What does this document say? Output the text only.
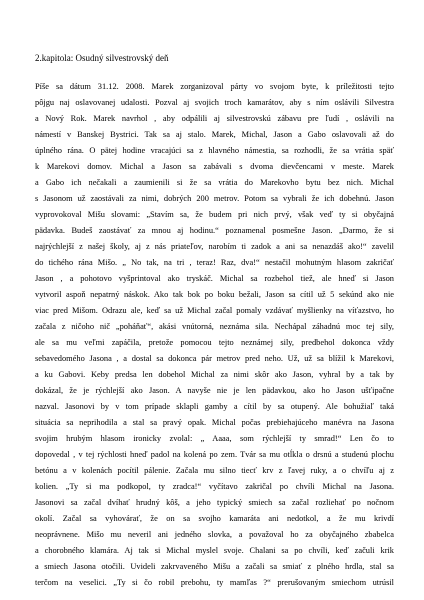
2.kapitola: Osudný silvestrovský deň
Píše sa dátum 31.12. 2008. Marek zorganizoval párty vo svojom byte, k príležitosti tejto
pôjgu naj oslavovanej udalosti. Pozval aj svojich troch kamarátov, aby s ním oslávili Silvestra
a Nový Rok. Marek navrhol , aby odpálili aj silvestrovskú zábavu pre ľudí , oslávili na
námestí v Banskej Bystrici. Tak sa aj stalo. Marek, Michal, Jason a Gabo oslavovali až do
úplného rána. O pätej hodine vracajúci sa z hlavného námestia, sa rozhodli, že sa vrátia späť
k Marekovi domov. Michal a Jason sa zabávali s dvoma dievčencami v meste. Marek
a Gabo ich nečakali a zaumienili si že sa vrátia do Marekovho bytu bez nich. Michal
s Jasonom už zaostávali za nimi, dobrých 200 metrov. Potom sa vybrali že ich dobehnú. Jason
vyprovokoval Mišu slovami: „Stavím sa, že budem pri nich prvý, však veď ty si obyčajná
pädavka. Budeš zaostávať za mnou aj hodinu.“ poznamenal posmešne Jason. „Darmo, že si
najrýchlejší z našej školy, aj z nás priateľov, narobím ti zadok a ani sa nenazdáš ako!“ zavelil
do tichého rána Mišo. „ No tak, na tri , teraz! Raz, dva!“ nestačil mohutným hlasom zakričať
Jason , a pohotovo vyšprintoval ako tryskáč. Michal sa rozbehol tiež, ale hneď si Jason
vytvoril aspoň nepatrný náskok. Ako tak bok po boku bežali, Jason sa cítil už 5 sekúnd ako nie
viac pred Mišom. Odrazu ale, keď sa už Michal začal pomaly vzdávať myšlienky na víťazstvo, ho
začala z ničoho nič „poháňať“, akási vnútorná, neznáma sila. Nechápal záhadnú moc tej sily,
ale sa mu veľmi zapáčila, pretože pomocou tejto neznámej sily, predbehol dokonca vždy
sebavedomého Jasona , a dostal sa dokonca pár metrov pred neho. Už, už sa blížil k Marekovi,
a ku Gabovi. Keby predsa len dobehol Michal za nimi skôr ako Jason, vyhral by a tak by
dokázal, že je rýchlejší ako Jason. A navyše nie je len pädavkou, ako ho Jason ušťipačne
nazval. Jasonovi by v tom prípade sklapli gamby a cítil by sa otupený. Ale bohužiaľ taká
situácia sa neprihodila a stal sa pravý opak. Michal počas prebiehajúceho manévra na Jasona
svojim hrubým hlasom ironicky zvolal: „ Aaaa, som rýchlejší ty smrad!“ Len čo to
dopovedal , v tej rýchlosti hneď padol na kolená po zem. Tvár sa mu otĺkla o drsnú a studenú plochu
betónu a v kolenách pocítil pálenie. Začala mu silno tiecť krv z ľavej ruky, a o chvíľu aj z
kolien. „Ty si ma podkopol, ty zradca!“ vyčítavo zakričal po chvíli Michal na Jasona.
Jasonovi sa začal dvíhať hrudný kôš, a jeho typický smiech sa začal rozliehať po nočnom
okolí. Začal sa vyhovárať, že on sa svojho kamaráta ani nedotkol, a že mu krivdí
neoprávnene. Mišo mu neveril ani jedného slovka, a považoval ho za obyčajného zbabelca
a chorobného klamára. Aj tak si Michal myslel svoje. Chalani sa po chvíli, keď začuli krik
a smiech Jasona otočili. Uvideli zakrvaveného Mišu a začali sa smiať z plného hrdla, stal sa
terčom na veselici. „Ty si čo robil prebohu, ty mamľas ?“ prerušovaným smiechom utrúsil
